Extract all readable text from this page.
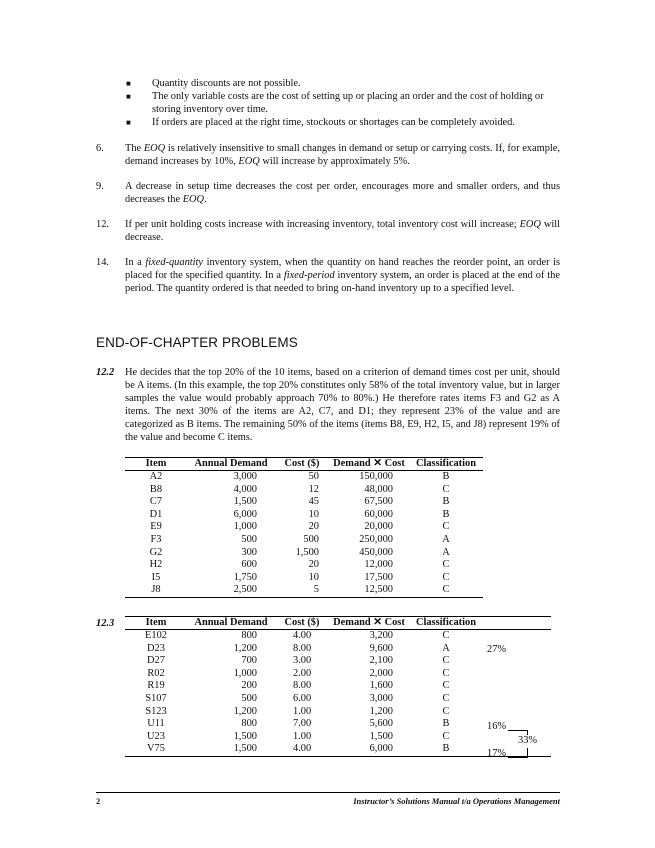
■	Quantity discounts are not possible.
■	The only variable costs are the cost of setting up or placing an order and the cost of holding or storing inventory over time.
■	If orders are placed at the right time, stockouts or shortages can be completely avoided.
6.	The EOQ is relatively insensitive to small changes in demand or setup or carrying costs. If, for example, demand increases by 10%, EOQ will increase by approximately 5%.
9.	A decrease in setup time decreases the cost per order, encourages more and smaller orders, and thus decreases the EOQ.
12.	If per unit holding costs increase with increasing inventory, total inventory cost will increase; EOQ will decrease.
14.	In a fixed-quantity inventory system, when the quantity on hand reaches the reorder point, an order is placed for the specified quantity. In a fixed-period inventory system, an order is placed at the end of the period. The quantity ordered is that needed to bring on-hand inventory up to a specified level.
END-OF-CHAPTER PROBLEMS
12.2	He decides that the top 20% of the 10 items, based on a criterion of demand times cost per unit, should be A items. (In this example, the top 20% constitutes only 58% of the total inventory value, but in larger samples the value would probably approach 70% to 80%.) He therefore rates items F3 and G2 as A items. The next 30% of the items are A2, C7, and D1; they represent 23% of the value and are categorized as B items. The remaining 50% of the items (items B8, E9, H2, I5, and J8) represent 19% of the value and become C items.
Item	Annual Demand	Cost ($)	Demand ✕ Cost	Classification
A2	3,000	50	150,000	B
B8	4,000	12	48,000	C
C7	1,500	45	67,500	B
D1	6,000	10	60,000	B
E9	1,000	20	20,000	C
F3	500	500	250,000	A
G2	300	1,500	450,000	A
H2	600	20	12,000	C
I5	1,750	10	17,500	C
J8	2,500	5	12,500	C
12.3	Item	Annual Demand	Cost ($)	Demand ✕ Cost	Classification	
E102	800	4.00	3,200	C	
D23	1,200	8.00	9,600	A	
D27	700	3.00	2,100	C	
R02	1,000	2.00	2,000	C	
R19	200	8.00	1,600	C	
S107	500	6.00	3,000	C	
S123	1,200	1.00	1,200	C	
U11	800	7.00	5,600	B	
U23	1,500	1.00	1,500	C	
V75	1,500	4.00	6,000	B	
27%
16%
33%
17%
2	Instructor’s Solutions Manual t/a Operations Management
